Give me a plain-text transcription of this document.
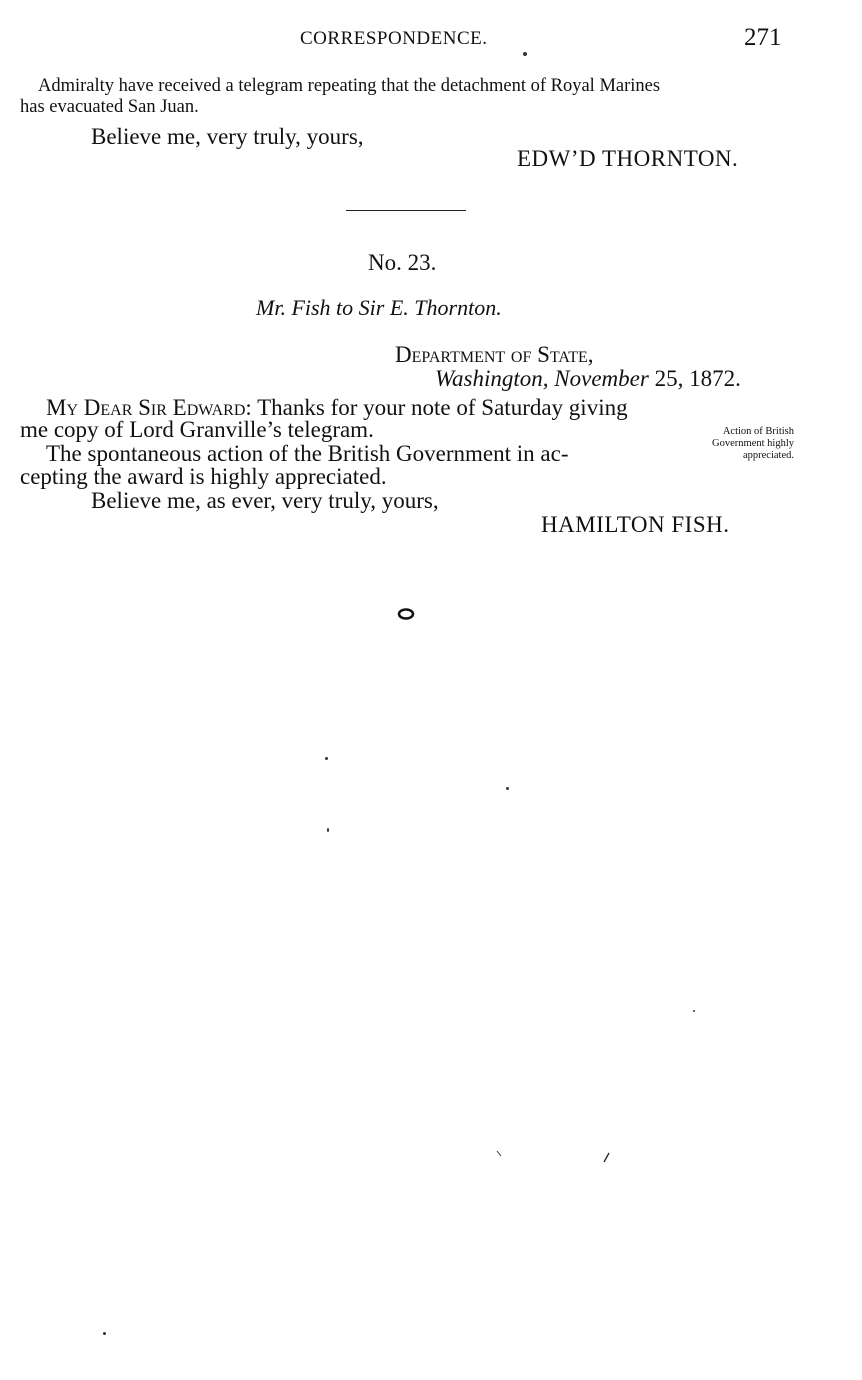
CORRESPONDENCE.	271
Admiralty have received a telegram repeating that the detachment of Royal Marines
has evacuated San Juan.
Believe me, very truly, yours,
EDW’D THORNTON.
No. 23.
Mr. Fish to Sir E. Thornton.
Department of State,
Washington, November 25, 1872.
My Dear Sir Edward: Thanks for your note of Saturday giving
me copy of Lord Granville’s telegram.
The spontaneous action of the British Government in ac-
cepting the award is highly appreciated.
Believe me, as ever, very truly, yours,
HAMILTON FISH.
Action of British Government highly appreciated.
